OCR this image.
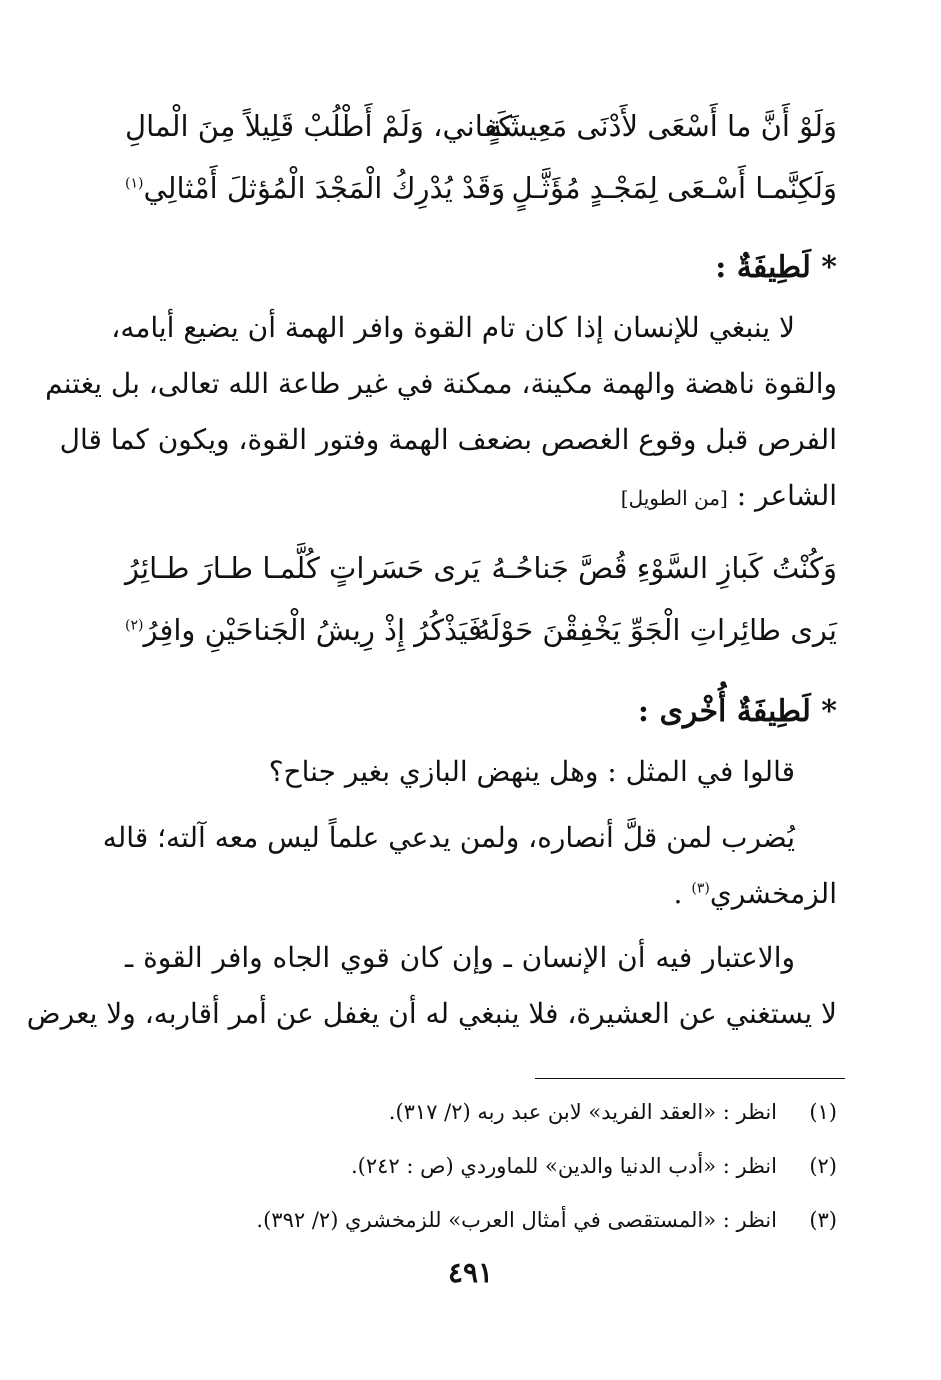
وَلَوْ أَنَّ ما أَسْعَى لأَدْنَى مَعِيشَةٍ
كَفاني، وَلَمْ أَطْلُبْ قَلِيلاً مِنَ الْمالِ
وَلَكِنَّمـا أَسْـعَى لِمَجْـدٍ مُؤَثَّـلٍ
وَقَدْ يُدْرِكُ الْمَجْدَ الْمُؤثلَ أَمْثالِي$^{(١)}$
* لَطِيفَةٌ :
لا ينبغي للإنسان إذا كان تام القوة وافر الهمة أن يضيع أيامه،
والقوة ناهضة والهمة مكينة، ممكنة في غير طاعة الله تعالى، بل يغتنم
الفرص قبل وقوع الغصص بضعف الهمة وفتور القوة، ويكون كما قال
الشاعر : [من الطويل]
وَكُنْتُ كَبازِ السَّوْءِ قُصَّ جَناحُـهُ
يَرى حَسَراتٍ كُلَّمـا طـارَ طـائِرُ
يَرى طائِراتِ الْجَوِّ يَخْفِقْنَ حَوْلَهُ
فَيَذْكُرُ إِذْ رِيشُ الْجَناحَيْنِ وافِرُ$^{(٢)}$
* لَطِيفَةٌ أُخْرى :
قالوا في المثل : وهل ينهض البازي بغير جناح؟
يُضرب لمن قلَّ أنصاره، ولمن يدعي علماً ليس معه آلته؛ قاله
الزمخشري$^{(٣)}$ .
والاعتبار فيه أن الإنسان ـ وإن كان قوي الجاه وافر القوة ـ
لا يستغني عن العشيرة، فلا ينبغي له أن يغفل عن أمر أقاربه، ولا يعرض
(١)انظر : «العقد الفريد» لابن عبد ربه (٢/ ٣١٧).
(٢)انظر : «أدب الدنيا والدين» للماوردي (ص : ٢٤٢).
(٣)انظر : «المستقصى في أمثال العرب» للزمخشري (٢/ ٣٩٢).
٤٩١
